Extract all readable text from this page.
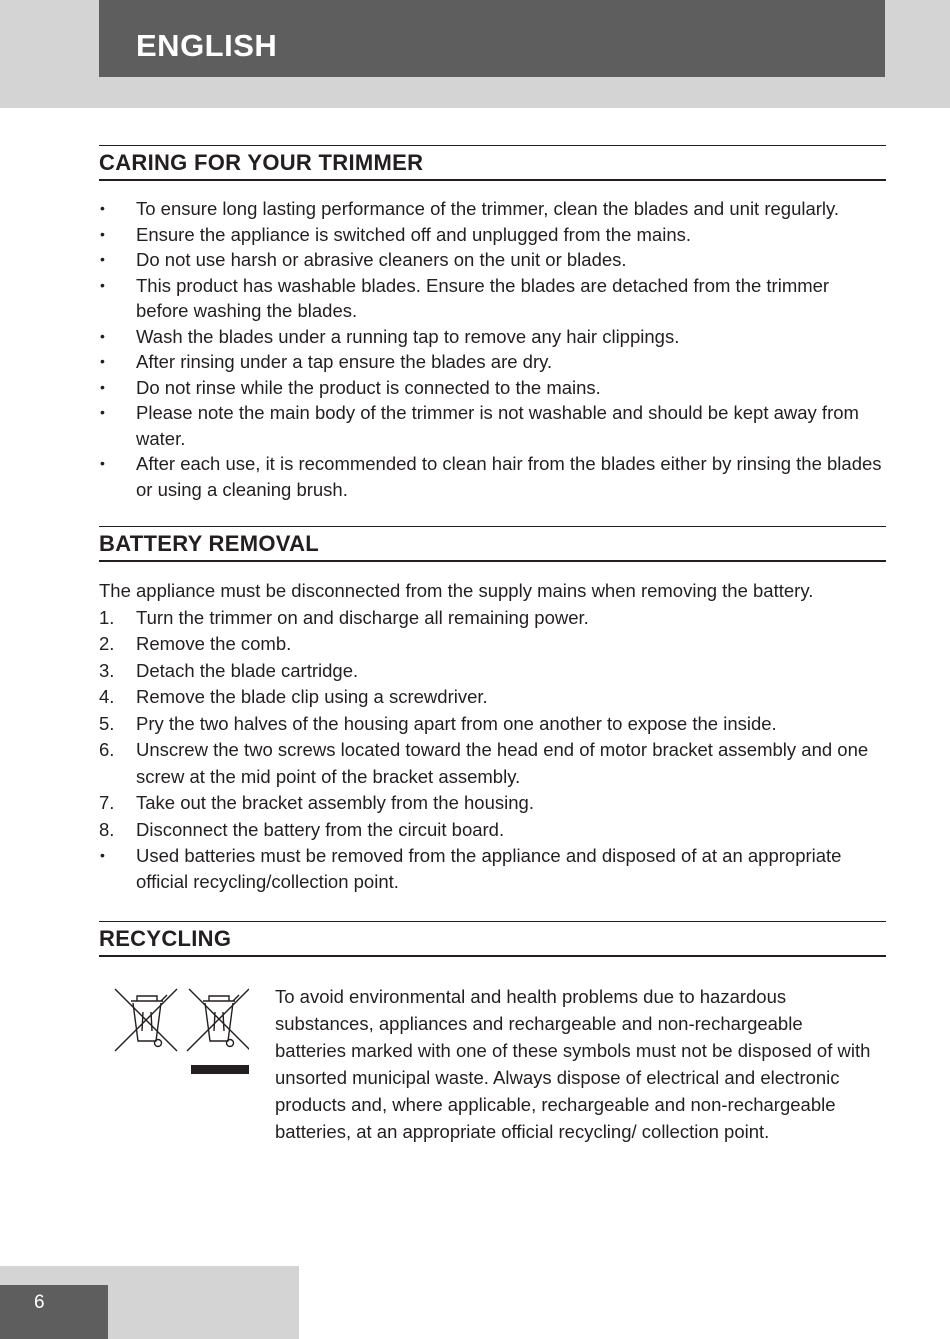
ENGLISH
CARING FOR YOUR TRIMMER
• To ensure long lasting performance of the trimmer, clean the blades and unit regularly.
• Ensure the appliance is switched off and unplugged from the mains.
• Do not use harsh or abrasive cleaners on the unit or blades.
• This product has washable blades. Ensure the blades are detached from the trimmer before washing the blades.
• Wash the blades under a running tap to remove any hair clippings.
• After rinsing under a tap ensure the blades are dry.
• Do not rinse while the product is connected to the mains.
• Please note the main body of the trimmer is not washable and should be kept away from water.
• After each use, it is recommended to clean hair from the blades either by rinsing the blades or using a cleaning brush.
BATTERY REMOVAL

The appliance must be disconnected from the supply mains when removing the battery.

1. Turn the trimmer on and discharge all remaining power.
2. Remove the comb.
3. Detach the blade cartridge.
4. Remove the blade clip using a screwdriver.
5. Pry the two halves of the housing apart from one another to expose the inside.
6. Unscrew the two screws located toward the head end of motor bracket assembly and one screw at the mid point of the bracket assembly.
7. Take out the bracket assembly from the housing.
8. Disconnect the battery from the circuit board.
• Used batteries must be removed from the appliance and disposed of at an appropriate official recycling/collection point.
RECYCLING

To avoid environmental and health problems due to hazardous substances, appliances and rechargeable and non-rechargeable batteries marked with one of these symbols must not be disposed of with unsorted municipal waste. Always dispose of electrical and electronic products and, where applicable, rechargeable and non-rechargeable batteries, at an appropriate official recycling/ collection point.

6
